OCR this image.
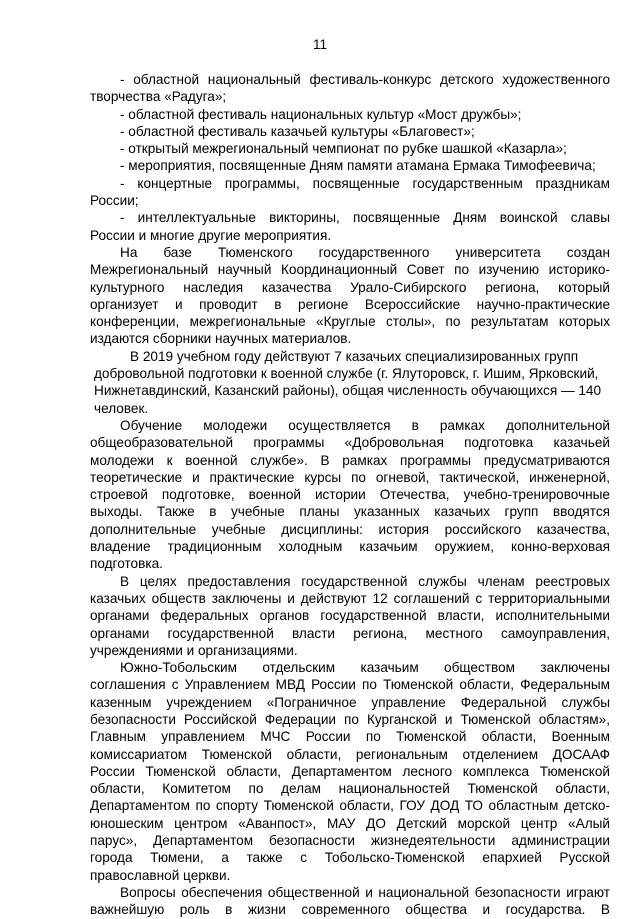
11
- областной национальный фестиваль-конкурс детского художественного
творчества «Радуга»;
- областной фестиваль национальных культур «Мост дружбы»;
- областной фестиваль казачьей культуры «Благовест»;
- открытый межрегиональный чемпионат по рубке шашкой «Казарла»;
- мероприятия, посвященные Дням памяти атамана Ермака Тимофеевича;
- концертные программы, посвященные государственным праздникам
России;
- интеллектуальные викторины, посвященные Дням воинской славы
России и многие другие мероприятия.
На базе Тюменского государственного университета создан
Межрегиональный научный Координационный Совет по изучению историко-
культурного наследия казачества Урало-Сибирского региона, который
организует и проводит в регионе Всероссийские научно-практические
конференции, межрегиональные «Круглые столы», по результатам которых
издаются сборники научных материалов.
В 2019 учебном году действуют 7 казачьих специализированных групп
добровольной подготовки к военной службе (г. Ялуторовск, г. Ишим, Ярковский,
Нижнетавдинский, Казанский районы), общая численность обучающихся — 140
человек.
Обучение молодежи осуществляется в рамках дополнительной
общеобразовательной программы «Добровольная подготовка казачьей
молодежи к военной службе». В рамках программы предусматриваются
теоретические и практические курсы по огневой, тактической, инженерной,
строевой подготовке, военной истории Отечества, учебно-тренировочные
выходы. Также в учебные планы указанных казачьих групп вводятся
дополнительные учебные дисциплины: история российского казачества,
владение традиционным холодным казачьим оружием, конно-верховая
подготовка.
В целях предоставления государственной службы членам реестровых
казачьих обществ заключены и действуют 12 соглашений с территориальными
органами федеральных органов государственной власти, исполнительными
органами государственной власти региона, местного самоуправления,
учреждениями и организациями.
Южно-Тобольским отдельским казачьим обществом заключены
соглашения с Управлением МВД России по Тюменской области, Федеральным
казенным учреждением «Пограничное управление Федеральной службы
безопасности Российской Федерации по Курганской и Тюменской областям»,
Главным управлением МЧС России по Тюменской области, Военным
комиссариатом Тюменской области, региональным отделением ДОСААФ
России Тюменской области, Департаментом лесного комплекса Тюменской
области, Комитетом по делам национальностей Тюменской области,
Департаментом по спорту Тюменской области, ГОУ ДОД ТО областным детско-
юношеским центром «Аванпост», МАУ ДО Детский морской центр «Алый
парус», Департаментом безопасности жизнедеятельности администрации
города Тюмени, а также с Тобольско-Тюменской епархией Русской
православной церкви.
Вопросы обеспечения общественной и национальной безопасности играют
важнейшую роль в жизни современного общества и государства. В
